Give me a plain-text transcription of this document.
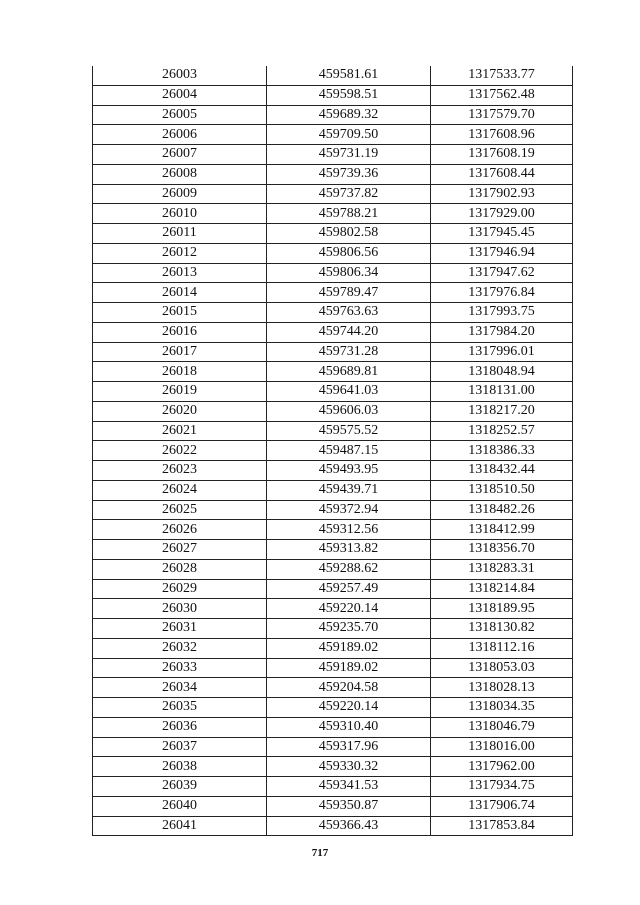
26003	459581.61	1317533.77
26004	459598.51	1317562.48
26005	459689.32	1317579.70
26006	459709.50	1317608.96
26007	459731.19	1317608.19
26008	459739.36	1317608.44
26009	459737.82	1317902.93
26010	459788.21	1317929.00
26011	459802.58	1317945.45
26012	459806.56	1317946.94
26013	459806.34	1317947.62
26014	459789.47	1317976.84
26015	459763.63	1317993.75
26016	459744.20	1317984.20
26017	459731.28	1317996.01
26018	459689.81	1318048.94
26019	459641.03	1318131.00
26020	459606.03	1318217.20
26021	459575.52	1318252.57
26022	459487.15	1318386.33
26023	459493.95	1318432.44
26024	459439.71	1318510.50
26025	459372.94	1318482.26
26026	459312.56	1318412.99
26027	459313.82	1318356.70
26028	459288.62	1318283.31
26029	459257.49	1318214.84
26030	459220.14	1318189.95
26031	459235.70	1318130.82
26032	459189.02	1318112.16
26033	459189.02	1318053.03
26034	459204.58	1318028.13
26035	459220.14	1318034.35
26036	459310.40	1318046.79
26037	459317.96	1318016.00
26038	459330.32	1317962.00
26039	459341.53	1317934.75
26040	459350.87	1317906.74
26041	459366.43	1317853.84
717
